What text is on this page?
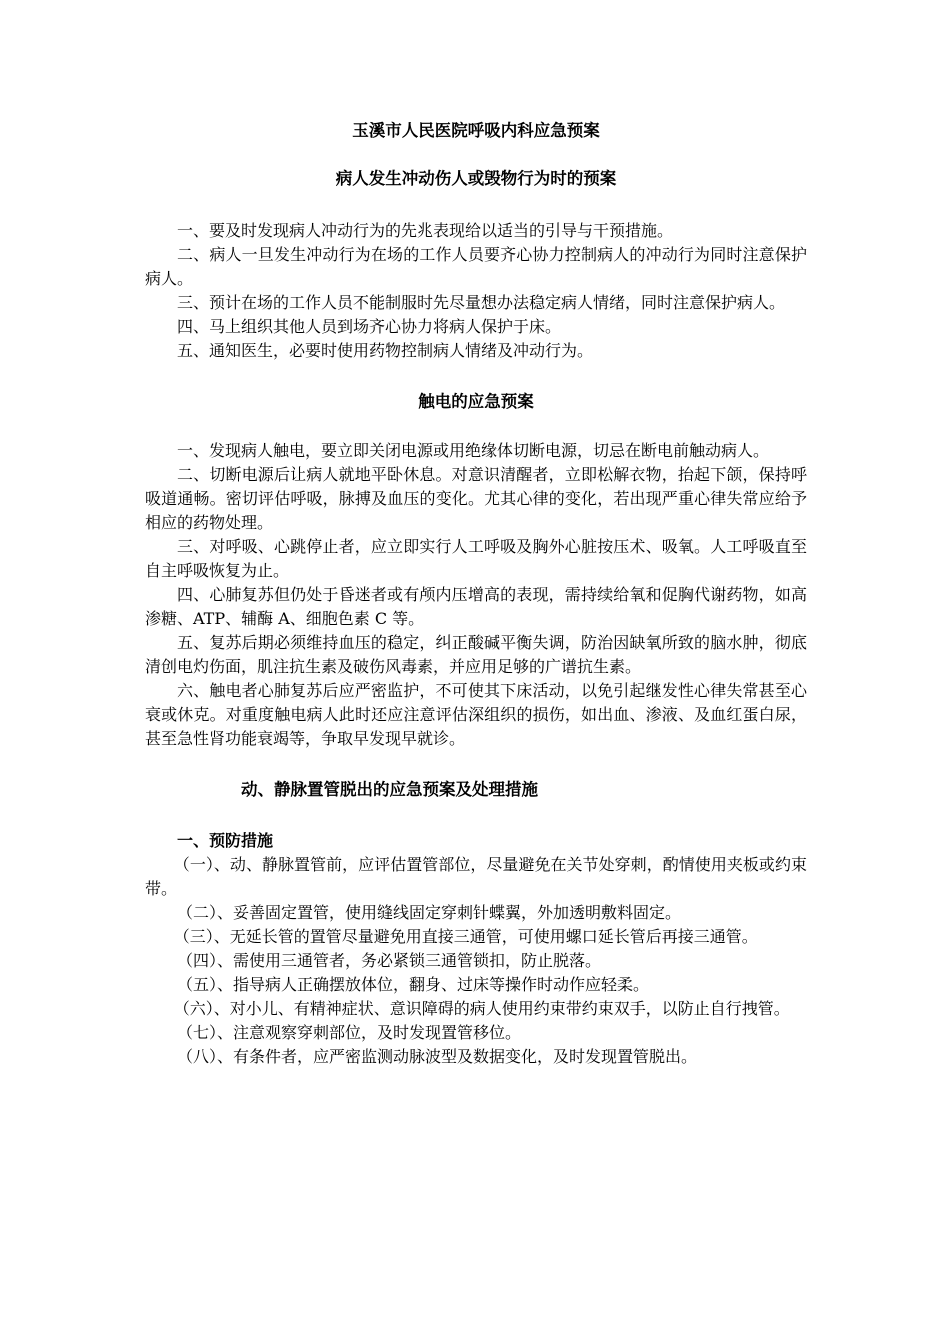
玉溪市人民医院呼吸内科应急预案

病人发生冲动伤人或毁物行为时的预案

一、要及时发现病人冲动行为的先兆表现给以适当的引导与干预措施。

二、病人一旦发生冲动行为在场的工作人员要齐心协力控制病人的冲动行为同时注意保护病人。

三、预计在场的工作人员不能制服时先尽量想办法稳定病人情绪，同时注意保护病人。

四、马上组织其他人员到场齐心协力将病人保护于床。

五、通知医生，必要时使用药物控制病人情绪及冲动行为。

触电的应急预案

一、发现病人触电，要立即关闭电源或用绝缘体切断电源，切忌在断电前触动病人。

二、切断电源后让病人就地平卧休息。对意识清醒者，立即松解衣物，抬起下颌，保持呼吸道通畅。密切评估呼吸，脉搏及血压的变化。尤其心律的变化，若出现严重心律失常应给予相应的药物处理。

三、对呼吸、心跳停止者，应立即实行人工呼吸及胸外心脏按压术、吸氧。人工呼吸直至自主呼吸恢复为止。

四、心肺复苏但仍处于昏迷者或有颅内压增高的表现，需持续给氧和促胸代谢药物，如高渗糖、ATP、辅酶 A、细胞色素 C 等。

五、复苏后期必须维持血压的稳定，纠正酸碱平衡失调，防治因缺氧所致的脑水肿，彻底清创电灼伤面，肌注抗生素及破伤风毒素，并应用足够的广谱抗生素。

六、触电者心肺复苏后应严密监护，不可使其下床活动，以免引起继发性心律失常甚至心衰或休克。对重度触电病人此时还应注意评估深组织的损伤，如出血、渗液、及血红蛋白尿，甚至急性肾功能衰竭等，争取早发现早就诊。

动、静脉置管脱出的应急预案及处理措施

一、预防措施

（一）、动、静脉置管前，应评估置管部位，尽量避免在关节处穿刺，酌情使用夹板或约束带。

（二）、妥善固定置管，使用缝线固定穿刺针蝶翼，外加透明敷料固定。

（三）、无延长管的置管尽量避免用直接三通管，可使用螺口延长管后再接三通管。

（四）、需使用三通管者，务必紧锁三通管锁扣，防止脱落。

（五）、指导病人正确摆放体位，翻身、过床等操作时动作应轻柔。

（六）、对小儿、有精神症状、意识障碍的病人使用约束带约束双手，以防止自行拽管。

（七）、注意观察穿刺部位，及时发现置管移位。

（八）、有条件者，应严密监测动脉波型及数据变化，及时发现置管脱出。
